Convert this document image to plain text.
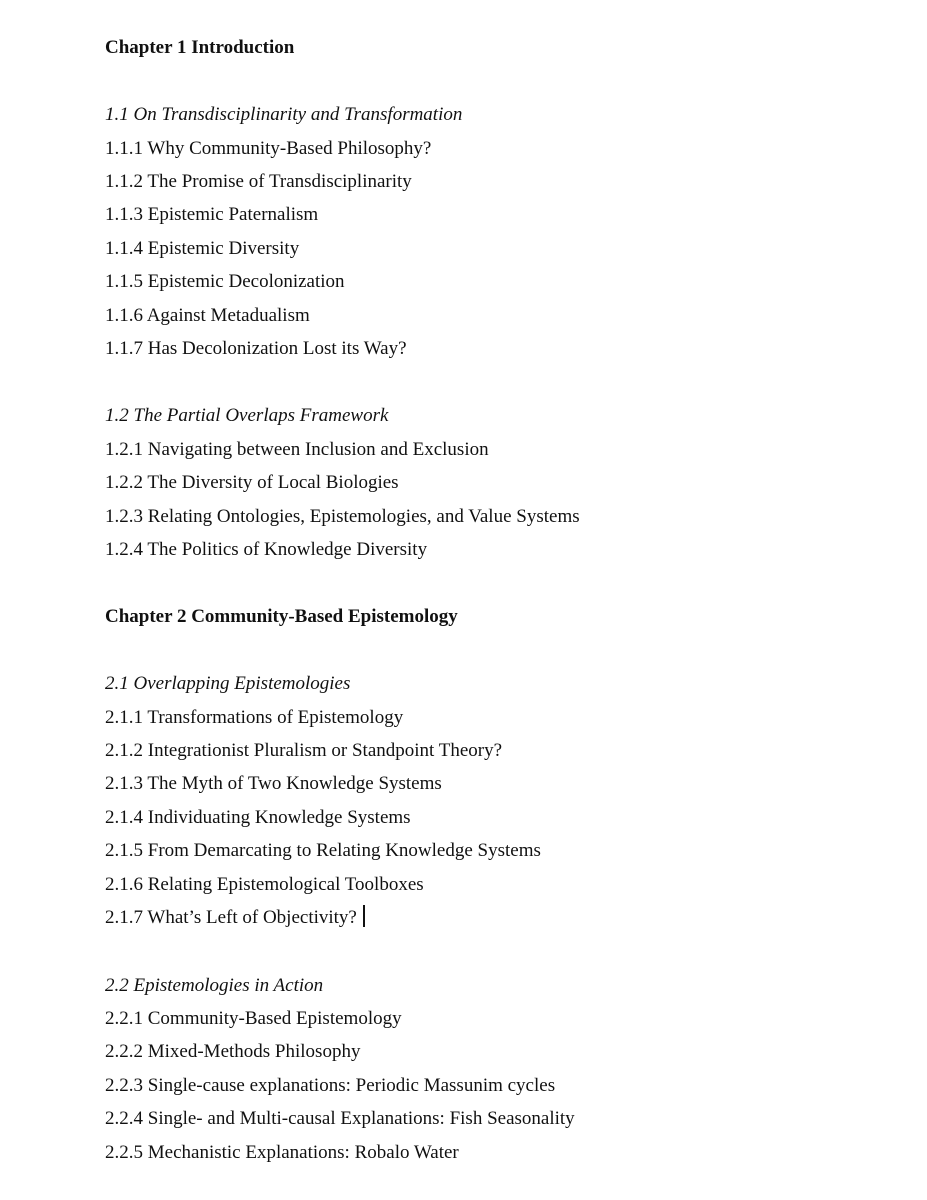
Chapter 1 Introduction
1.1 On Transdisciplinarity and Transformation
1.1.1 Why Community-Based Philosophy?
1.1.2 The Promise of Transdisciplinarity
1.1.3 Epistemic Paternalism
1.1.4 Epistemic Diversity
1.1.5 Epistemic Decolonization
1.1.6 Against Metadualism
1.1.7 Has Decolonization Lost its Way?
1.2 The Partial Overlaps Framework
1.2.1 Navigating between Inclusion and Exclusion
1.2.2 The Diversity of Local Biologies
1.2.3 Relating Ontologies, Epistemologies, and Value Systems
1.2.4 The Politics of Knowledge Diversity
Chapter 2 Community-Based Epistemology
2.1 Overlapping Epistemologies
2.1.1 Transformations of Epistemology
2.1.2 Integrationist Pluralism or Standpoint Theory?
2.1.3 The Myth of Two Knowledge Systems
2.1.4 Individuating Knowledge Systems
2.1.5 From Demarcating to Relating Knowledge Systems
2.1.6 Relating Epistemological Toolboxes
2.1.7 What’s Left of Objectivity?
2.2 Epistemologies in Action
2.2.1 Community-Based Epistemology
2.2.2 Mixed-Methods Philosophy
2.2.3 Single-cause explanations: Periodic Massunim cycles
2.2.4 Single- and Multi-causal Explanations: Fish Seasonality
2.2.5 Mechanistic Explanations: Robalo Water
